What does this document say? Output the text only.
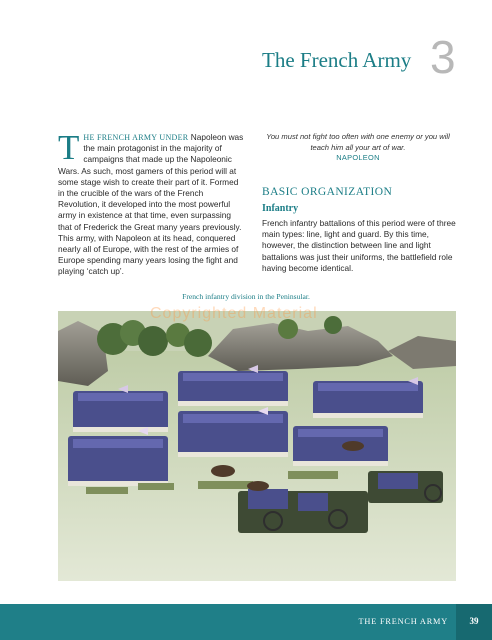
The French Army 3
THE FRENCH ARMY UNDER Napoleon was the main protagonist in the majority of campaigns that made up the Napoleonic Wars. As such, most gamers of this period will at some stage wish to create their part of it. Formed in the crucible of the wars of the French Revolution, it developed into the most powerful army in existence at that time, even surpassing that of Frederick the Great many years previously. This army, with Napoleon at its head, conquered nearly all of Europe, with the rest of the armies of Europe spending many years losing the fight and playing ‘catch up’.
You must not fight too often with one enemy or you will teach him all your art of war.
NAPOLEON
BASIC ORGANIZATION
Infantry
French infantry battalions of this period were of three main types: line, light and guard. By this time, however, the distinction between line and light battalions was just their uniforms, the battlefield role having become identical.
French infantry division in the Peninsular.
Copyrighted Material
THE FRENCH ARMY	39
